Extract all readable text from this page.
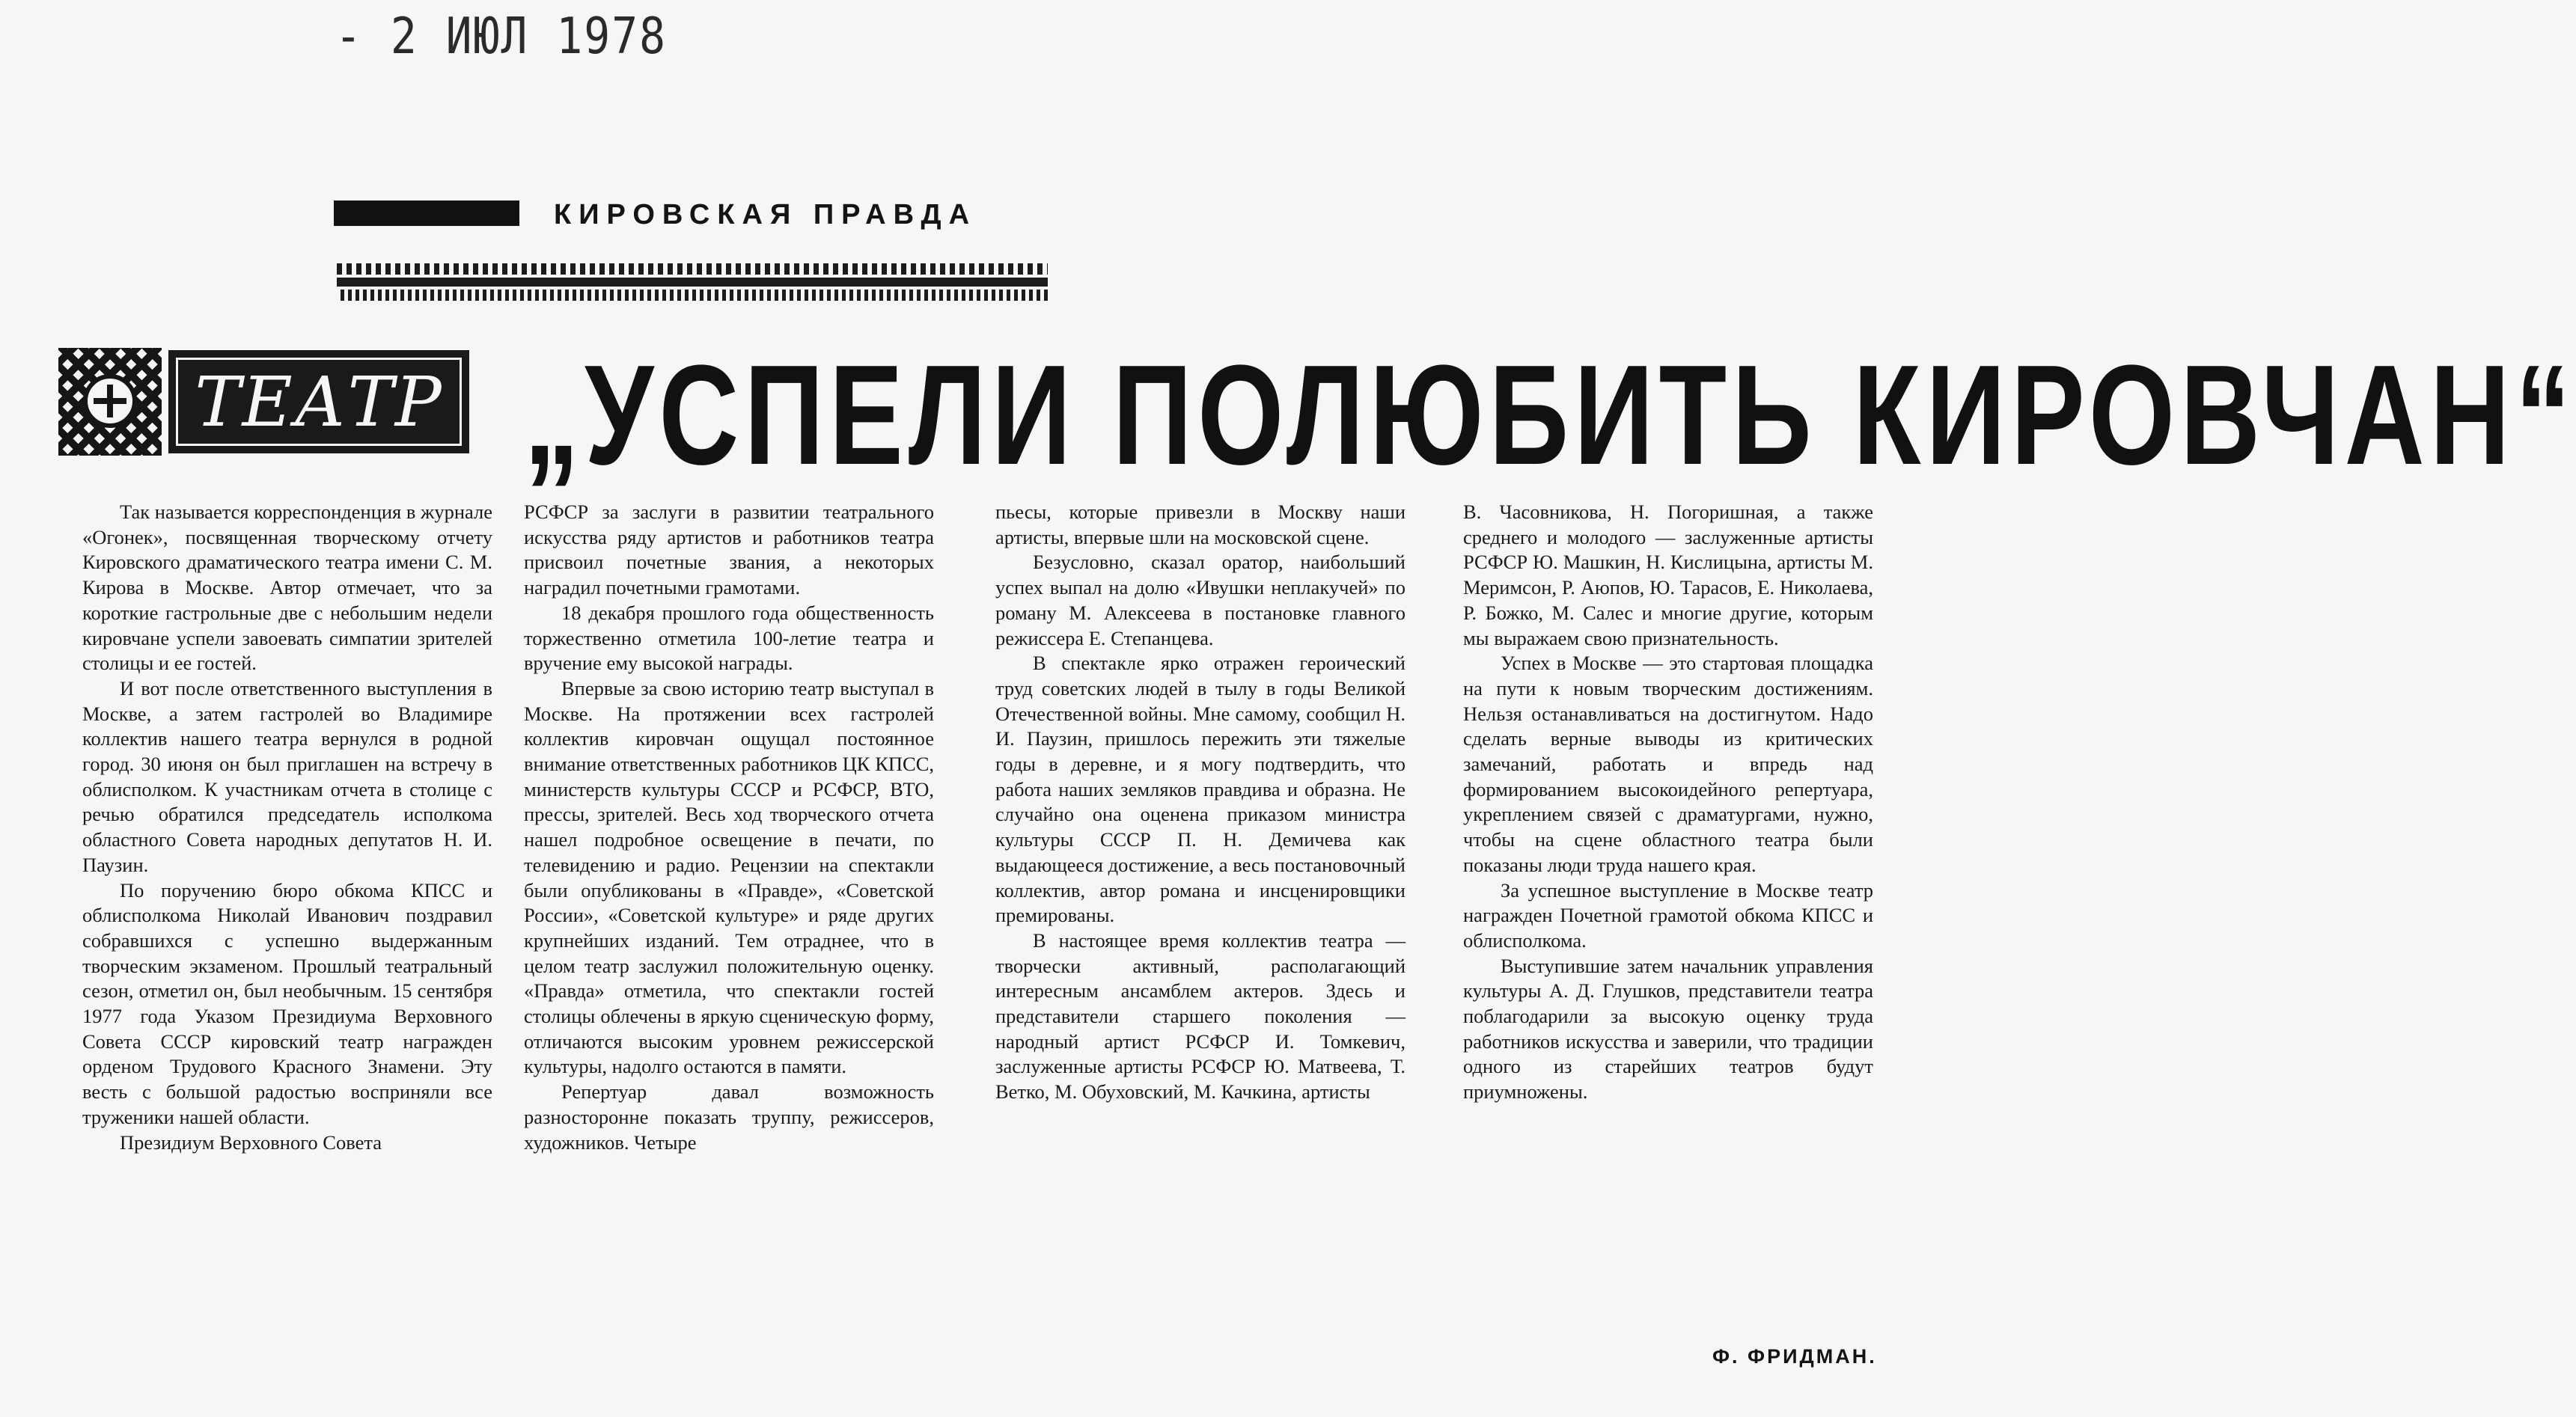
- 2 ИЮЛ 1978
КИРОВСКАЯ ПРАВДА
ТЕАТР „УСПЕЛИ ПОЛЮБИТЬ КИРОВЧАН“

Так называется корреспонденция в журнале «Огонек», посвященная творческому отчету Кировского драматического театра имени С. М. Кирова в Москве. Автор отмечает, что за короткие гастрольные две с небольшим недели кировчане успели завоевать симпатии зрителей столицы и ее гостей.

И вот после ответственного выступления в Москве, а затем гастролей во Владимире коллектив нашего театра вернулся в родной город. 30 июня он был приглашен на встречу в облисполком. К участникам отчета в столице с речью обратился председатель исполкома областного Совета народных депутатов Н. И. Паузин.

По поручению бюро обкома КПСС и облисполкома Николай Иванович поздравил собравшихся с успешно выдержанным творческим экзаменом. Прошлый театральный сезон, отметил он, был необычным. 15 сентября 1977 года Указом Президиума Верховного Совета СССР кировский театр награжден орденом Трудового Красного Знамени. Эту весть с большой радостью восприняли все труженики нашей области.

Президиум Верховного Совета

РСФСР за заслуги в развитии театрального искусства ряду артистов и работников театра присвоил почетные звания, а некоторых наградил почетными грамотами.

18 декабря прошлого года общественность торжественно отметила 100-летие театра и вручение ему высокой награды.

Впервые за свою историю театр выступал в Москве. На протяжении всех гастролей коллектив кировчан ощущал постоянное внимание ответственных работников ЦК КПСС, министерств культуры СССР и РСФСР, ВТО, прессы, зрителей. Весь ход творческого отчета нашел подробное освещение в печати, по телевидению и радио. Рецензии на спектакли были опубликованы в «Правде», «Советской России», «Советской культуре» и ряде других крупнейших изданий. Тем отраднее, что в целом театр заслужил положительную оценку. «Правда» отметила, что спектакли гостей столицы облечены в яркую сценическую форму, отличаются высоким уровнем режиссерской культуры, надолго остаются в памяти.

Репертуар давал возможность разносторонне показать труппу, режиссеров, художников. Четыре

пьесы, которые привезли в Москву наши артисты, впервые шли на московской сцене.

Безусловно, сказал оратор, наибольший успех выпал на долю «Ивушки неплакучей» по роману М. Алексеева в постановке главного режиссера Е. Степанцева.

В спектакле ярко отражен героический труд советских людей в тылу в годы Великой Отечественной войны. Мне самому, сообщил Н. И. Паузин, пришлось пережить эти тяжелые годы в деревне, и я могу подтвердить, что работа наших земляков правдива и образна. Не случайно она оценена приказом министра культуры СССР П. Н. Демичева как выдающееся достижение, а весь постановочный коллектив, автор романа и инсценировщики премированы.

В настоящее время коллектив театра — творчески активный, располагающий интересным ансамблем актеров. Здесь и представители старшего поколения — народный артист РСФСР И. Томкевич, заслуженные артисты РСФСР Ю. Матвеева, Т. Ветко, М. Обуховский, М. Качкина, артисты

В. Часовникова, Н. Погоришная, а также среднего и молодого — заслуженные артисты РСФСР Ю. Машкин, Н. Кислицына, артисты М. Меримсон, Р. Аюпов, Ю. Тарасов, Е. Николаева, Р. Божко, М. Салес и многие другие, которым мы выражаем свою признательность.

Успех в Москве — это стартовая площадка на пути к новым творческим достижениям. Нельзя останавливаться на достигнутом. Надо сделать верные выводы из критических замечаний, работать и впредь над формированием высокоидейного репертуара, укреплением связей с драматургами, нужно, чтобы на сцене областного театра были показаны люди труда нашего края.

За успешное выступление в Москве театр награжден Почетной грамотой обкома КПСС и облисполкома.

Выступившие затем начальник управления культуры А. Д. Глушков, представители театра поблагодарили за высокую оценку труда работников искусства и заверили, что традиции одного из старейших театров будут приумножены.

Ф. ФРИДМАН.
